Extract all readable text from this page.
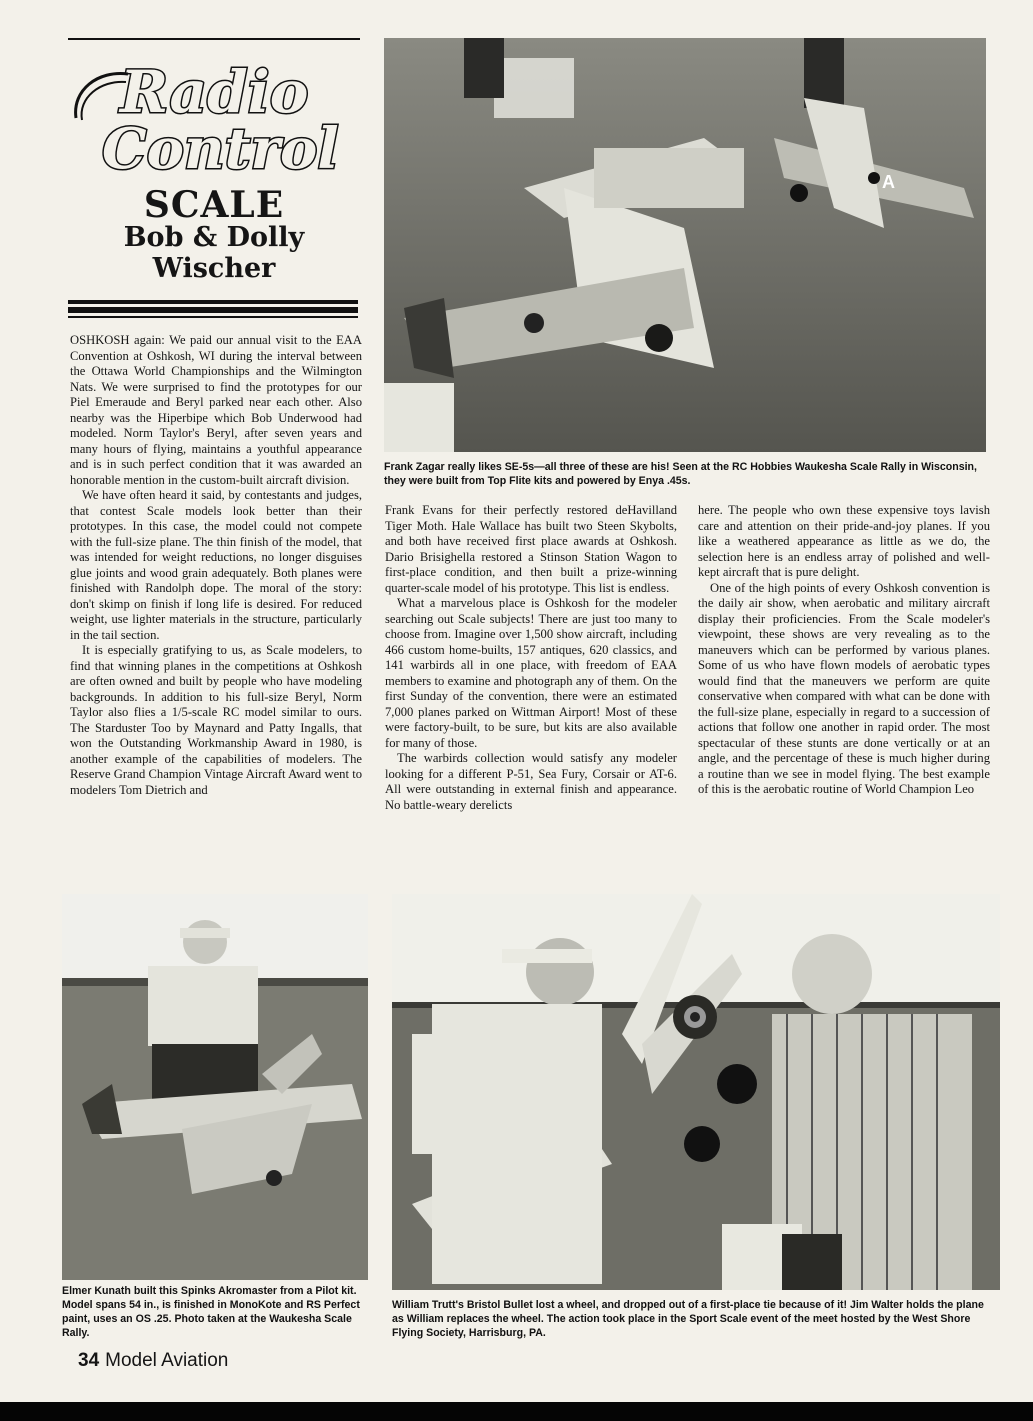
Radio
Control
SCALE
Bob & Dolly
Wischer

OSHKOSH again: We paid our annual visit to the EAA Convention at Oshkosh, WI during the interval between the Ottawa World Championships and the Wilmington Nats. We were surprised to find the prototypes for our Piel Emeraude and Beryl parked near each other. Also nearby was the Hiperbipe which Bob Underwood had modeled. Norm Taylor's Beryl, after seven years and many hours of flying, maintains a youthful appearance and is in such perfect condition that it was awarded an honorable mention in the custom-built aircraft division.

We have often heard it said, by contestants and judges, that contest Scale models look better than their prototypes. In this case, the model could not compete with the full-size plane. The thin finish of the model, that was intended for weight reductions, no longer disguises glue joints and wood grain adequately. Both planes were finished with Randolph dope. The moral of the story: don't skimp on finish if long life is desired. For reduced weight, use lighter materials in the structure, particularly in the tail section.

It is especially gratifying to us, as Scale modelers, to find that winning planes in the competitions at Oshkosh are often owned and built by people who have modeling backgrounds. In addition to his full-size Beryl, Norm Taylor also flies a 1/5-scale RC model similar to ours. The Starduster Too by Maynard and Patty Ingalls, that won the Outstanding Workmanship Award in 1980, is another example of the capabilities of modelers. The Reserve Grand Champion Vintage Aircraft Award went to modelers Tom Dietrich and

Frank Evans for their perfectly restored deHavilland Tiger Moth. Hale Wallace has built two Steen Skybolts, and both have received first place awards at Oshkosh. Dario Brisighella restored a Stinson Station Wagon to first-place condition, and then built a prize-winning quarter-scale model of his prototype. This list is endless.

What a marvelous place is Oshkosh for the modeler searching out Scale subjects! There are just too many to choose from. Imagine over 1,500 show aircraft, including 466 custom home-builts, 157 antiques, 620 classics, and 141 warbirds all in one place, with freedom of EAA members to examine and photograph any of them. On the first Sunday of the convention, there were an estimated 7,000 planes parked on Wittman Airport! Most of these were factory-built, to be sure, but kits are also available for many of those.

The warbirds collection would satisfy any modeler looking for a different P-51, Sea Fury, Corsair or AT-6. All were outstanding in external finish and appearance. No battle-weary derelicts

here. The people who own these expensive toys lavish care and attention on their pride-and-joy planes. If you like a weathered appearance as little as we do, the selection here is an endless array of polished and well-kept aircraft that is pure delight.

One of the high points of every Oshkosh convention is the daily air show, when aerobatic and military aircraft display their proficiencies. From the Scale modeler's viewpoint, these shows are very revealing as to the maneuvers which can be performed by various planes. Some of us who have flown models of aerobatic types would find that the maneuvers we perform are quite conservative when compared with what can be done with the full-size plane, especially in regard to a succession of actions that follow one another in rapid order. The most spectacular of these stunts are done vertically or at an angle, and the percentage of these is much higher during a routine than we see in model flying. The best example of this is the aerobatic routine of World Champion Leo

A
Frank Zagar really likes SE-5s—all three of these are his! Seen at the RC Hobbies Waukesha Scale Rally in Wisconsin, they were built from Top Flite kits and powered by Enya .45s.
Elmer Kunath built this Spinks Akromaster from a Pilot kit. Model spans 54 in., is finished in MonoKote and RS Perfect paint, uses an OS .25. Photo taken at the Waukesha Scale Rally.
William Trutt's Bristol Bullet lost a wheel, and dropped out of a first-place tie because of it! Jim Walter holds the plane as William replaces the wheel. The action took place in the Sport Scale event of the meet hosted by the West Shore Flying Society, Harrisburg, PA.
34 Model Aviation
